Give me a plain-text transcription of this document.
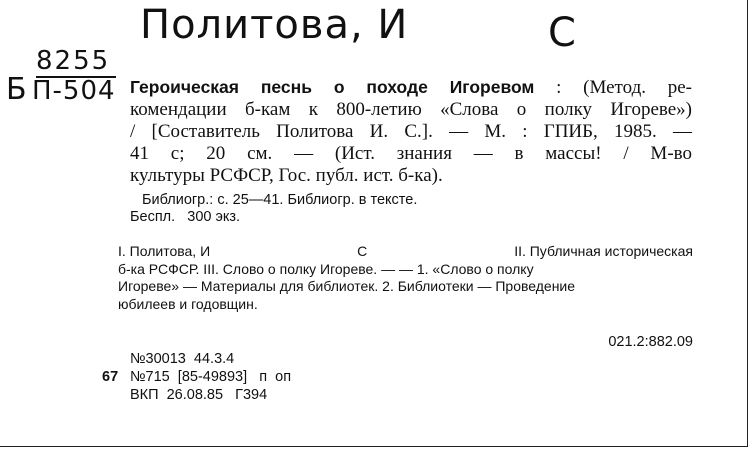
Политова, И	С
Б
8255
П-504 Героическая песнь о походе Игоревом : (Метод. ре-

комендации б-кам к 800-летию «Слова о полку Игореве»)

/ [Составитель Политова И. С.]. — М. : ГПИБ, 1985. —

41 с; 20 см. — (Ист. знания — в массы! / М-во

культуры РСФСР, Гос. публ. ист. б-ка).

Библиогр.: с. 25—41. Библиогр. в тексте.
Беспл.   300 экз.
I. Политова, И	С	II. Публичная историческая
б-ка РСФСР. III. Слово о полку Игореве. — — 1. «Слово о полку
Игореве» — Материалы для библиотек. 2. Библиотеки — Проведение
юбилеев и годовщин.
021.2:882.09
№30013  44.3.4
67 №715  [85-49893]   п  оп
ВКП  26.08.85   Г394
